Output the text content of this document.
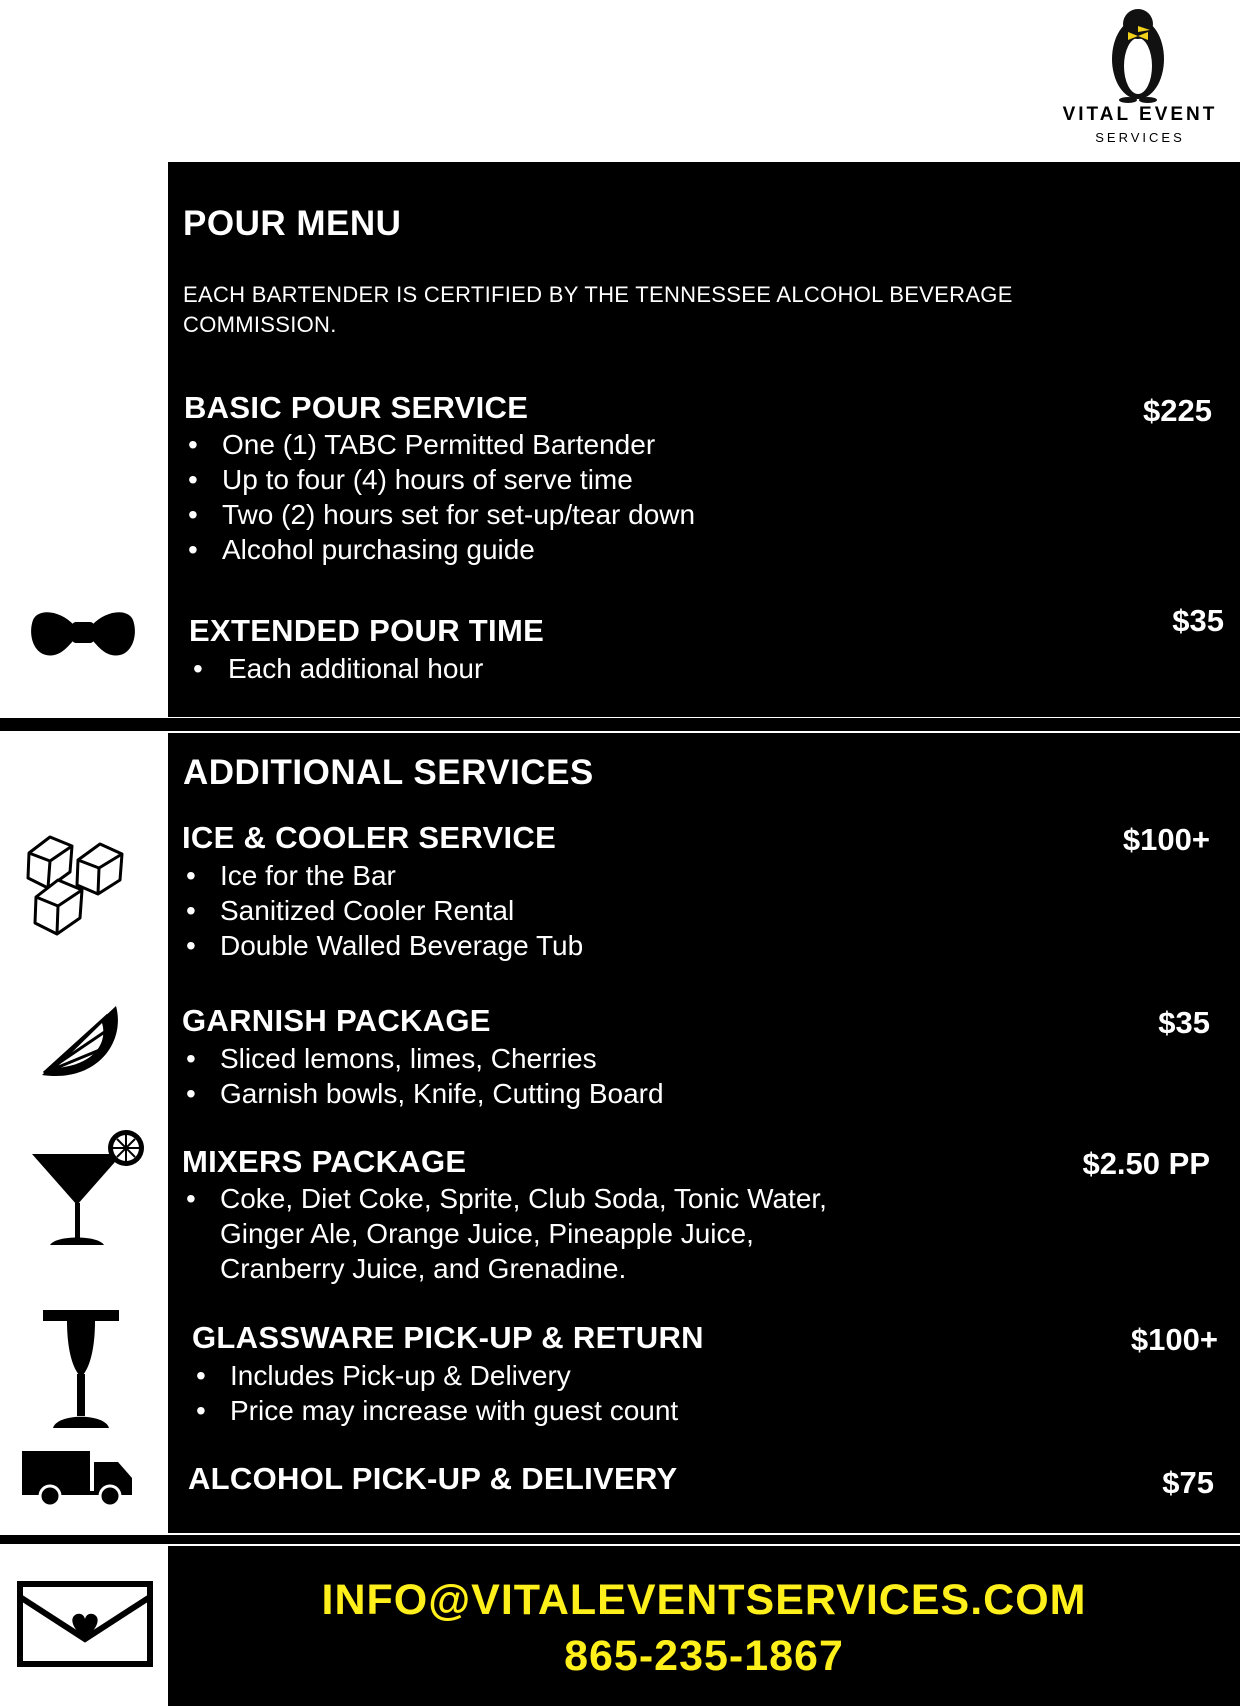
VITAL EVENT
SERVICES
POUR MENU
EACH BARTENDER IS CERTIFIED BY THE TENNESSEE ALCOHOL BEVERAGE COMMISSION.
BASIC POUR SERVICE	$225
• One (1) TABC Permitted Bartender
• Up to four (4) hours of serve time
• Two (2) hours set for set-up/tear down
• Alcohol purchasing guide
EXTENDED POUR TIME	$35
• Each additional hour
ADDITIONAL SERVICES
ICE & COOLER SERVICE	$100+
• Ice for the Bar
• Sanitized Cooler Rental
• Double Walled Beverage Tub
GARNISH PACKAGE	$35
• Sliced lemons, limes, Cherries
• Garnish bowls, Knife, Cutting Board
MIXERS PACKAGE	$2.50 PP
• Coke, Diet Coke, Sprite, Club Soda, Tonic Water, Ginger Ale, Orange Juice, Pineapple Juice, Cranberry Juice, and Grenadine.
GLASSWARE PICK-UP & RETURN	$100+
• Includes Pick-up & Delivery
• Price may increase with guest count
ALCOHOL PICK-UP & DELIVERY	$75
INFO@VITALEVENTSERVICES.COM
865-235-1867
